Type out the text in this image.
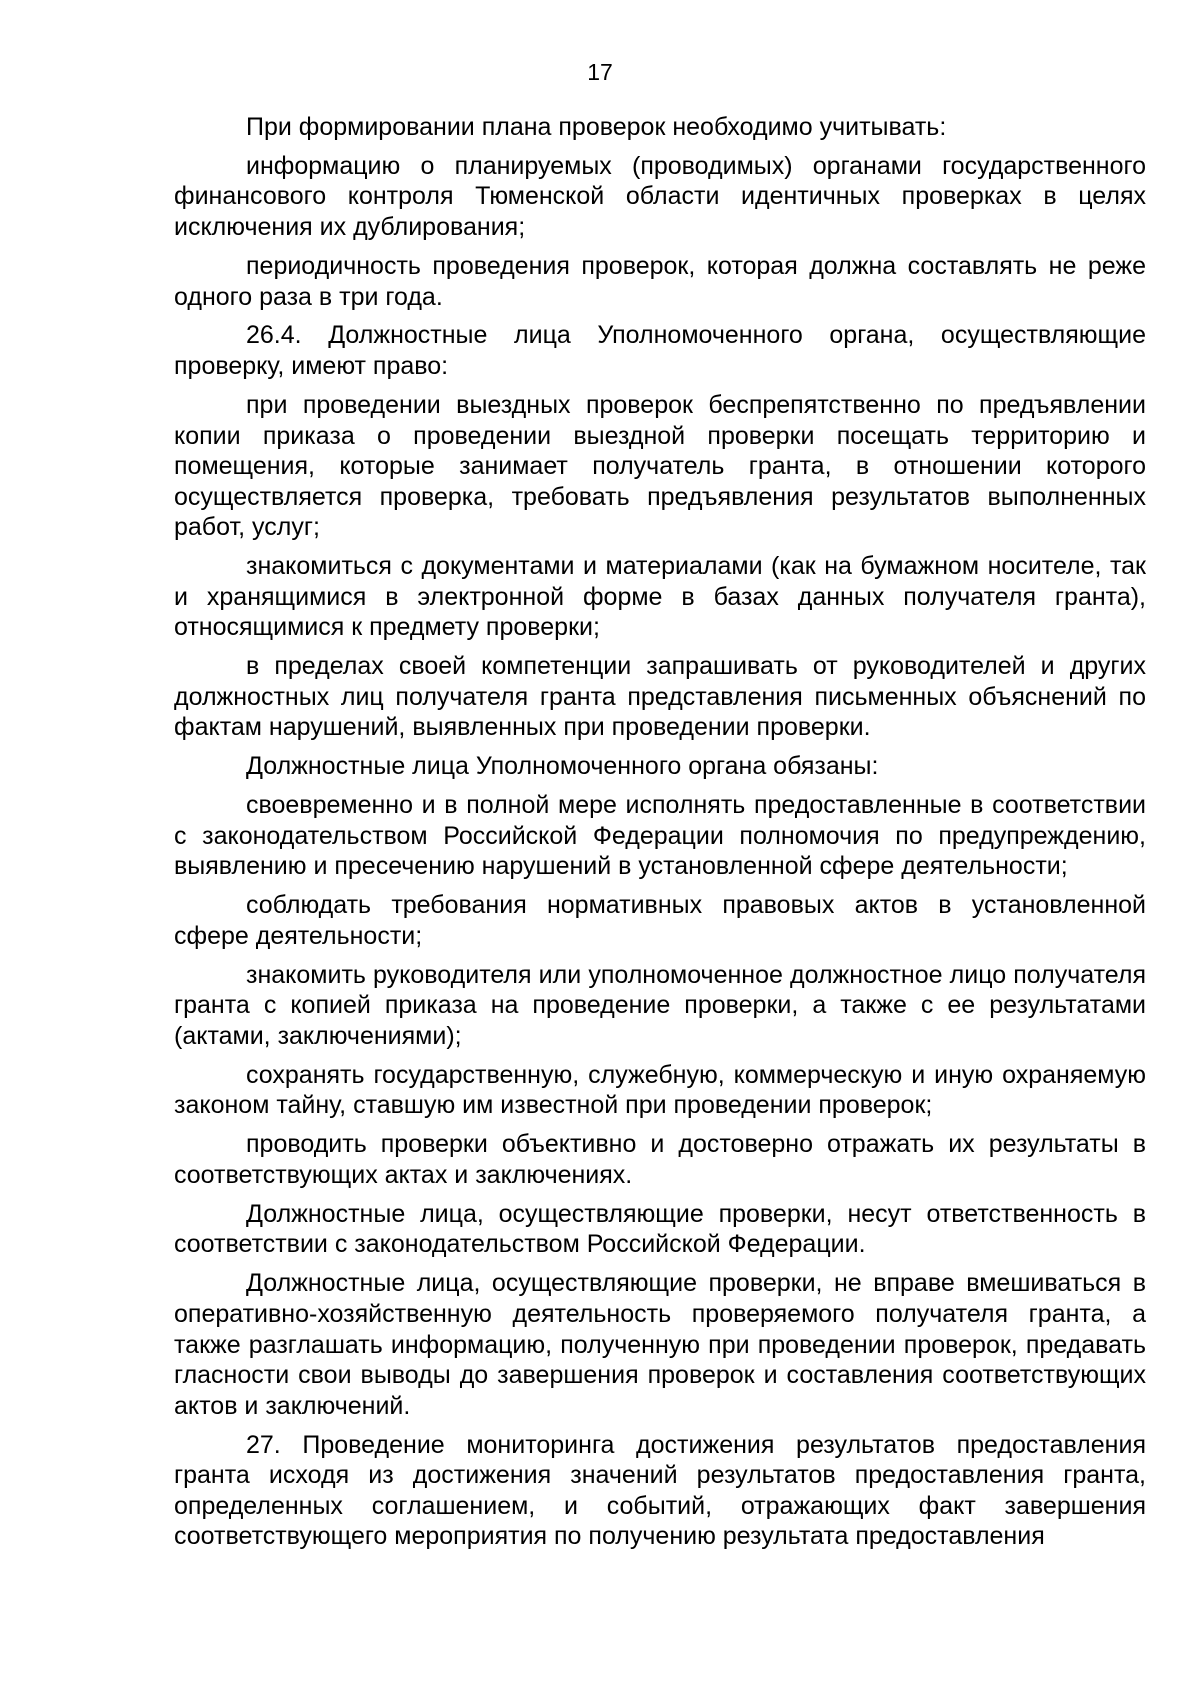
17

При формировании плана проверок необходимо учитывать:

информацию о планируемых (проводимых) органами государственного финансового контроля Тюменской области идентичных проверках в целях исключения их дублирования;

периодичность проведения проверок, которая должна составлять не реже одного раза в три года.

26.4. Должностные лица Уполномоченного органа, осуществляющие проверку, имеют право:

при проведении выездных проверок беспрепятственно по предъявлении копии приказа о проведении выездной проверки посещать территорию и помещения, которые занимает получатель гранта, в отношении которого осуществляется проверка, требовать предъявления результатов выполненных работ, услуг;

знакомиться с документами и материалами (как на бумажном носителе, так и хранящимися в электронной форме в базах данных получателя гранта), относящимися к предмету проверки;

в пределах своей компетенции запрашивать от руководителей и других должностных лиц получателя гранта представления письменных объяснений по фактам нарушений, выявленных при проведении проверки.

Должностные лица Уполномоченного органа обязаны:

своевременно и в полной мере исполнять предоставленные в соответствии с законодательством Российской Федерации полномочия по предупреждению, выявлению и пресечению нарушений в установленной сфере деятельности;

соблюдать требования нормативных правовых актов в установленной сфере деятельности;

знакомить руководителя или уполномоченное должностное лицо получателя гранта с копией приказа на проведение проверки, а также с ее результатами (актами, заключениями);

сохранять государственную, служебную, коммерческую и иную охраняемую законом тайну, ставшую им известной при проведении проверок;

проводить проверки объективно и достоверно отражать их результаты в соответствующих актах и заключениях.

Должностные лица, осуществляющие проверки, несут ответственность в соответствии с законодательством Российской Федерации.

Должностные лица, осуществляющие проверки, не вправе вмешиваться в оперативно-хозяйственную деятельность проверяемого получателя гранта, а также разглашать информацию, полученную при проведении проверок, предавать гласности свои выводы до завершения проверок и составления соответствующих актов и заключений.

27. Проведение мониторинга достижения результатов предоставления гранта исходя из достижения значений результатов предоставления гранта, определенных соглашением, и событий, отражающих факт завершения соответствующего мероприятия по получению результата предоставления
